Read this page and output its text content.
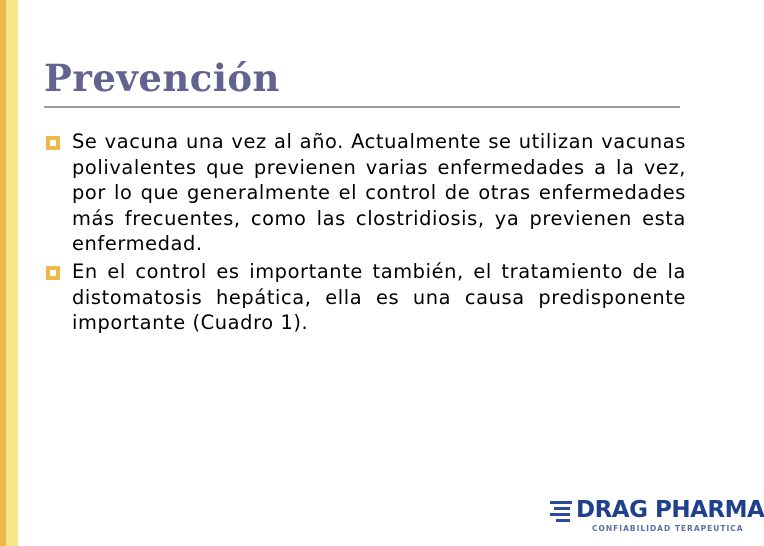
Prevención
Se vacuna una vez al año. Actualmente se utilizan vacunas polivalentes que previenen varias enfermedades a la vez, por lo que generalmente el control de otras enfermedades más frecuentes, como las clostridiosis, ya previenen esta enfermedad.
En el control es importante también, el tratamiento de la distomatosis hepática, ella es una causa predisponente importante (Cuadro 1).
DRAG PHARMA
CONFIABILIDAD TERAPEUTICA
